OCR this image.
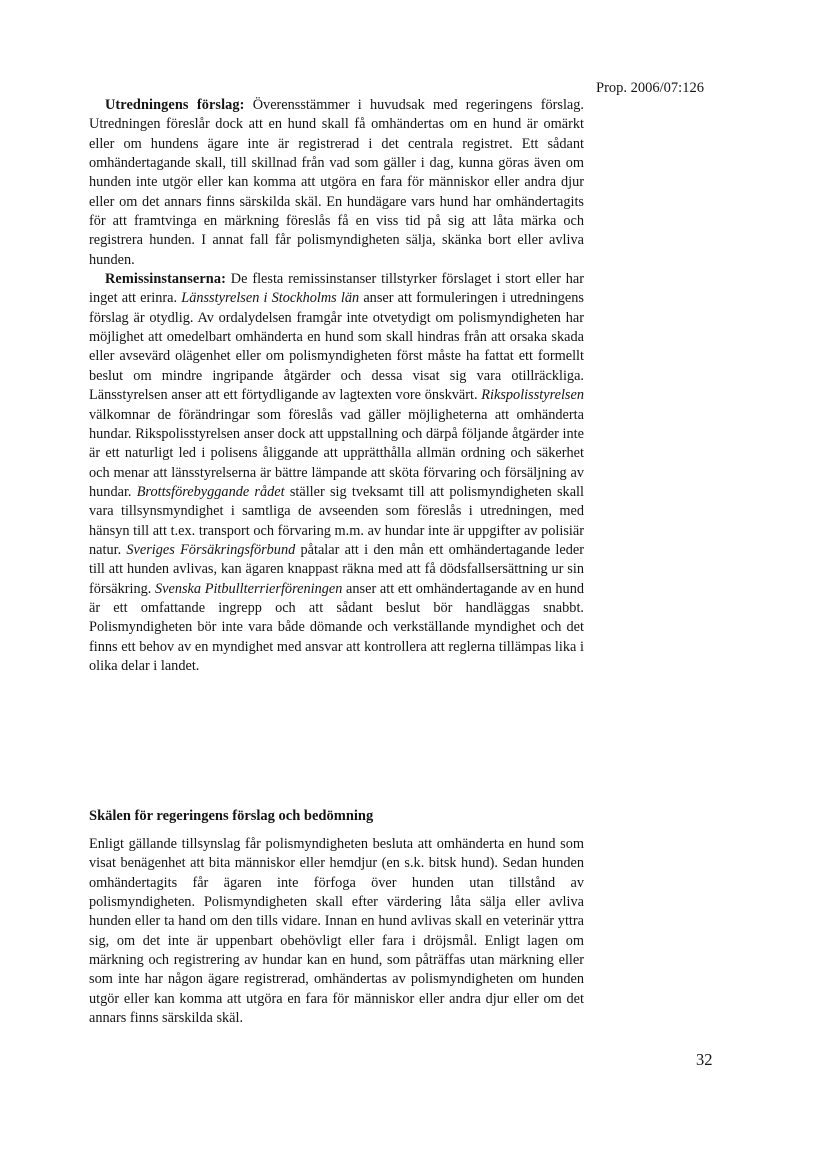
Prop. 2006/07:126

Utredningens förslag: Överensstämmer i huvudsak med regeringens förslag. Utredningen föreslår dock att en hund skall få omhändertas om en hund är omärkt eller om hundens ägare inte är registrerad i det centrala registret. Ett sådant omhändertagande skall, till skillnad från vad som gäller i dag, kunna göras även om hunden inte utgör eller kan komma att utgöra en fara för människor eller andra djur eller om det annars finns särskilda skäl. En hundägare vars hund har omhändertagits för att framtvinga en märkning föreslås få en viss tid på sig att låta märka och registrera hunden. I annat fall får polismyndigheten sälja, skänka bort eller avliva hunden.

Remissinstanserna: De flesta remissinstanser tillstyrker förslaget i stort eller har inget att erinra. Länsstyrelsen i Stockholms län anser att formuleringen i utredningens förslag är otydlig. Av ordalydelsen framgår inte otvetydigt om polismyndigheten har möjlighet att omedelbart omhänderta en hund som skall hindras från att orsaka skada eller avsevärd olägenhet eller om polismyndigheten först måste ha fattat ett formellt beslut om mindre ingripande åtgärder och dessa visat sig vara otillräckliga. Länsstyrelsen anser att ett förtydligande av lagtexten vore önskvärt. Rikspolisstyrelsen välkomnar de förändringar som föreslås vad gäller möjligheterna att omhänderta hundar. Rikspolisstyrelsen anser dock att uppstallning och därpå följande åtgärder inte är ett naturligt led i polisens åliggande att upprätthålla allmän ordning och säkerhet och menar att länsstyrelserna är bättre lämpande att sköta förvaring och försäljning av hundar. Brottsförebyggande rådet ställer sig tveksamt till att polismyndigheten skall vara tillsynsmyndighet i samtliga de avseenden som föreslås i utredningen, med hänsyn till att t.ex. transport och förvaring m.m. av hundar inte är uppgifter av polisiär natur. Sveriges Försäkringsförbund påtalar att i den mån ett omhändertagande leder till att hunden avlivas, kan ägaren knappast räkna med att få dödsfallsersättning ur sin försäkring. Svenska Pitbullterrierföreningen anser att ett omhändertagande av en hund är ett omfattande ingrepp och att sådant beslut bör handläggas snabbt. Polismyndigheten bör inte vara både dömande och verkställande myndighet och det finns ett behov av en myndighet med ansvar att kontrollera att reglerna tillämpas lika i olika delar i landet.

Skälen för regeringens förslag och bedömning

Enligt gällande tillsynslag får polismyndigheten besluta att omhänderta en hund som visat benägenhet att bita människor eller hemdjur (en s.k. bitsk hund). Sedan hunden omhändertagits får ägaren inte förfoga över hunden utan tillstånd av polismyndigheten. Polismyndigheten skall efter värdering låta sälja eller avliva hunden eller ta hand om den tills vidare. Innan en hund avlivas skall en veterinär yttra sig, om det inte är uppenbart obehövligt eller fara i dröjsmål. Enligt lagen om märkning och registrering av hundar kan en hund, som påträffas utan märkning eller som inte har någon ägare registrerad, omhändertas av polismyndigheten om hunden utgör eller kan komma att utgöra en fara för människor eller andra djur eller om det annars finns särskilda skäl.

32
